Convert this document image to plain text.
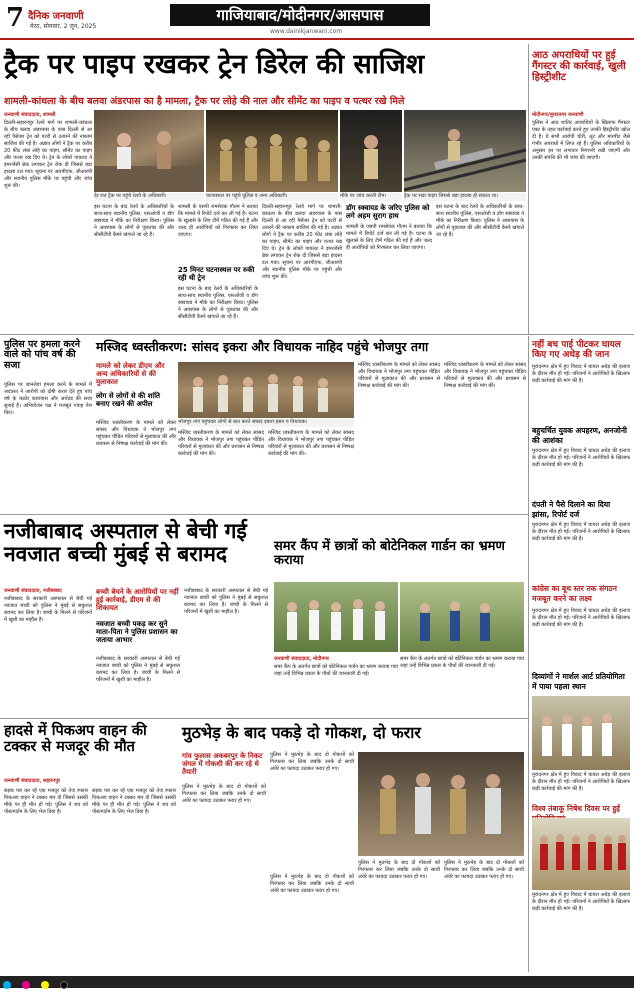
7 दैनिक जनवाणी
मेरठ, सोमवार, 2 जून, 2025
गाजियाबाद/मोदीनगर/आसपास
www.dainikjanwani.com
ट्रैक पर पाइप रखकर ट्रेन डिरेल की साजिश
शामली-कांधला के बीच बलवा अंडरपास का है मामला, ट्रैक पर लोहे की नाल और सीमेंट का पाइप व पत्थर रखे मिले
देर रात ट्रैक पर पहुंचे रेलवे के अधिकारी।	घटनास्थल पर पहुंचे पुलिस व अन्य अधिकारी।	मौके पर जांच करती टीम।	ट्रैक पर रखा पाइप जिससे बड़ा हादसा हो सकता था।
जनवाणी संवाददाता, शामली
दिल्ली-सहारनपुर रेलवे मार्ग पर शामली-कांधला के बीच बलवा अंडरपास के पास दिल्ली से आ रही पैसेंजर ट्रेन को पटरी से उतारने की नाकाम साजिश की गई है। अज्ञात लोगों ने ट्रैक पर करीब 20 फीट लंबा लोहे का पाइप, सीमेंट का पाइप और पत्थर रख दिए थे। ट्रेन के लोको पायलट ने इमरजेंसी ब्रेक लगाकर ट्रेन रोक दी जिससे बड़ा हादसा टल गया। सूचना पर आरपीएफ, जीआरपी और स्थानीय पुलिस मौके पर पहुंची और जांच शुरू की।
इस घटना के बाद रेलवे के अधिकारियों के साथ-साथ स्थानीय पुलिस, एसओजी व डॉग स्क्वायड ने मौके का निरीक्षण किया। पुलिस ने आसपास के लोगों से पूछताछ की और सीसीटीवी कैमरे खंगाले जा रहे हैं।
शामली के एसपी रामसेवक गौतम ने बताया कि मामले में रिपोर्ट दर्ज कर ली गई है। घटना के खुलासे के लिए टीमें गठित की गई हैं और जल्द ही आरोपियों को गिरफ्तार कर लिया जाएगा।
25 मिनट घटनास्थल पर रुकी रही थी ट्रेन
इस घटना के बाद रेलवे के अधिकारियों के साथ-साथ स्थानीय पुलिस, एसओजी व डॉग स्क्वायड ने मौके का निरीक्षण किया। पुलिस ने आसपास के लोगों से पूछताछ की और सीसीटीवी कैमरे खंगाले जा रहे हैं।
दिल्ली-सहारनपुर रेलवे मार्ग पर शामली-कांधला के बीच बलवा अंडरपास के पास दिल्ली से आ रही पैसेंजर ट्रेन को पटरी से उतारने की नाकाम साजिश की गई है। अज्ञात लोगों ने ट्रैक पर करीब 20 फीट लंबा लोहे का पाइप, सीमेंट का पाइप और पत्थर रख दिए थे। ट्रेन के लोको पायलट ने इमरजेंसी ब्रेक लगाकर ट्रेन रोक दी जिससे बड़ा हादसा टल गया। सूचना पर आरपीएफ, जीआरपी और स्थानीय पुलिस मौके पर पहुंची और जांच शुरू की।
डॉग स्क्वायड के जरिए पुलिस को लगे अहम सुराग हाथ
शामली के एसपी रामसेवक गौतम ने बताया कि मामले में रिपोर्ट दर्ज कर ली गई है। घटना के खुलासे के लिए टीमें गठित की गई हैं और जल्द ही आरोपियों को गिरफ्तार कर लिया जाएगा।
इस घटना के बाद रेलवे के अधिकारियों के साथ-साथ स्थानीय पुलिस, एसओजी व डॉग स्क्वायड ने मौके का निरीक्षण किया। पुलिस ने आसपास के लोगों से पूछताछ की और सीसीटीवी कैमरे खंगाले जा रहे हैं।
आठ अपराधियों पर हुई गैंगस्टर की कार्रवाई, खुली हिस्ट्रीशीट
मोदीनगर/मुरादनगर जनवाणी
पुलिस ने आठ शातिर अपराधियों के खिलाफ गैंगस्टर एक्ट के तहत कार्रवाई करते हुए उनकी हिस्ट्रीशीट खोल दी है। ये सभी आरोपी चोरी, लूट और मारपीट जैसे गंभीर अपराधों में लिप्त रहे हैं। पुलिस अधिकारियों के अनुसार इन पर लगातार निगरानी रखी जाएगी और उनकी संपत्ति की भी जांच की जाएगी।
पुलिस पर हमला करने वाले को पांच वर्ष की सजा
पुलिस पर जानलेवा हमला करने के मामले में अदालत ने आरोपी को दोषी करार देते हुए पांच वर्ष के कठोर कारावास और अर्थदंड की सजा सुनाई है। अभियोजन पक्ष ने मजबूत गवाह पेश किए।
मस्जिद ध्वस्तीकरण: सांसद इकरा और विधायक नाहिद पहुंचे भोजपुर तगा
मामले को लेकर डीएम और अन्य अधिकारियों से की मुलाकात
लोग से लोगों से की शांति बनाए रखने की अपील
मस्जिद ध्वस्तीकरण के मामले को लेकर सांसद और विधायक ने भोजपुर तगा पहुंचकर पीड़ित परिवारों से मुलाकात की और प्रशासन से निष्पक्ष कार्रवाई की मांग की।
भोजपुर तगा पहुंचकर लोगों से बात करते सांसद इकरा हसन व विधायक।
मस्जिद ध्वस्तीकरण के मामले को लेकर सांसद और विधायक ने भोजपुर तगा पहुंचकर पीड़ित परिवारों से मुलाकात की और प्रशासन से निष्पक्ष कार्रवाई की मांग की।
मस्जिद ध्वस्तीकरण के मामले को लेकर सांसद और विधायक ने भोजपुर तगा पहुंचकर पीड़ित परिवारों से मुलाकात की और प्रशासन से निष्पक्ष कार्रवाई की मांग की।
मस्जिद ध्वस्तीकरण के मामले को लेकर सांसद और विधायक ने भोजपुर तगा पहुंचकर पीड़ित परिवारों से मुलाकात की और प्रशासन से निष्पक्ष कार्रवाई की मांग की।
मस्जिद ध्वस्तीकरण के मामले को लेकर सांसद और विधायक ने भोजपुर तगा पहुंचकर पीड़ित परिवारों से मुलाकात की और प्रशासन से निष्पक्ष कार्रवाई की मांग की।
नहीं बच पाई पीटकर घायल किए गए अधेड़ की जान
मुरादनगर क्षेत्र में हुए विवाद में घायल अधेड़ की इलाज के दौरान मौत हो गई। परिजनों ने आरोपियों के खिलाफ कड़ी कार्रवाई की मांग की है।
बहुचर्चित युवक अपहरण, अनजोनी की आशंका
मुरादनगर क्षेत्र में हुए विवाद में घायल अधेड़ की इलाज के दौरान मौत हो गई। परिजनों ने आरोपियों के खिलाफ कड़ी कार्रवाई की मांग की है।
दंपती ने पैसे दिलाने का दिया झांसा, रिपोर्ट दर्ज
मुरादनगर क्षेत्र में हुए विवाद में घायल अधेड़ की इलाज के दौरान मौत हो गई। परिजनों ने आरोपियों के खिलाफ कड़ी कार्रवाई की मांग की है।
कांग्रेस का बूथ स्तर तक संगठन मजबूत करने का लक्ष्य
मुरादनगर क्षेत्र में हुए विवाद में घायल अधेड़ की इलाज के दौरान मौत हो गई। परिजनों ने आरोपियों के खिलाफ कड़ी कार्रवाई की मांग की है।
दिव्यांगों ने मार्शल आर्ट प्रतियोगिता में पाया पहला स्थान
मुरादनगर क्षेत्र में हुए विवाद में घायल अधेड़ की इलाज के दौरान मौत हो गई। परिजनों ने आरोपियों के खिलाफ कड़ी कार्रवाई की मांग की है।
विश्व तंबाकू निषेध दिवस पर हुई
मुरादनगर क्षेत्र में हुए विवाद में घायल अधेड़ की इलाज के दौरान मौत हो गई। परिजनों ने आरोपियों के खिलाफ कड़ी कार्रवाई की मांग की है।
नजीबाबाद अस्पताल से बेची गई नवजात बच्ची मुंबई से बरामद
जनवाणी संवाददाता, नजीबाबाद
नजीबाबाद के सरकारी अस्पताल से बेची गई नवजात बच्ची को पुलिस ने मुंबई से सकुशल बरामद कर लिया है। बच्ची के मिलने से परिजनों में खुशी का माहौल है।
बच्ची बेचने के आरोपियों पर नहीं हुई कार्रवाई, डीएम से की शिकायत
नवजात बच्ची पकड़ कर सुने माता-पिता ने पुलिस प्रशासन का जताया आभार
नजीबाबाद के सरकारी अस्पताल से बेची गई नवजात बच्ची को पुलिस ने मुंबई से सकुशल बरामद कर लिया है। बच्ची के मिलने से परिजनों में खुशी का माहौल है।
नजीबाबाद के सरकारी अस्पताल से बेची गई नवजात बच्ची को पुलिस ने मुंबई से सकुशल बरामद कर लिया है। बच्ची के मिलने से परिजनों में खुशी का माहौल है।
समर कैंप में छात्रों को बोटेनिकल गार्डन का भ्रमण कराया
जनवाणी संवाददाता, मोदीनगर
समर कैंप के अंतर्गत छात्रों को बोटेनिकल गार्डन का भ्रमण कराया गया जहां उन्हें विभिन्न प्रकार के पौधों की जानकारी दी गई।
समर कैंप के अंतर्गत छात्रों को बोटेनिकल गार्डन का भ्रमण कराया गया जहां उन्हें विभिन्न प्रकार के पौधों की जानकारी दी गई।
हादसे में पिकअप वाहन की टक्कर से मजदूर की मौत
जनवाणी संवाददाता, सहारनपुर
सड़क पार कर रहे एक मजदूर को तेज रफ्तार पिकअप वाहन ने टक्कर मार दी जिससे उसकी मौके पर ही मौत हो गई। पुलिस ने शव को पोस्टमार्टम के लिए भेज दिया है।
सड़क पार कर रहे एक मजदूर को तेज रफ्तार पिकअप वाहन ने टक्कर मार दी जिससे उसकी मौके पर ही मौत हो गई। पुलिस ने शव को पोस्टमार्टम के लिए भेज दिया है।
मुठभेड़ के बाद पकड़े दो गोकश, दो फरार
गांव फुलास अकबरपुर के निकट जंगल में गोकशी की कर रहे थे तैयारी
पुलिस ने मुठभेड़ के बाद दो गोकशों को गिरफ्तार कर लिया जबकि उनके दो साथी अंधेरे का फायदा उठाकर फरार हो गए।
पुलिस ने मुठभेड़ के बाद दो गोकशों को गिरफ्तार कर लिया जबकि उनके दो साथी अंधेरे का फायदा उठाकर फरार हो गए।
पुलिस ने मुठभेड़ के बाद दो गोकशों को गिरफ्तार कर लिया जबकि उनके दो साथी अंधेरे का फायदा उठाकर फरार हो गए।
पुलिस ने मुठभेड़ के बाद दो गोकशों को गिरफ्तार कर लिया जबकि उनके दो साथी अंधेरे का फायदा उठाकर फरार हो गए।
पुलिस ने मुठभेड़ के बाद दो गोकशों को गिरफ्तार कर लिया जबकि उनके दो साथी अंधेरे का फायदा उठाकर फरार हो गए।
